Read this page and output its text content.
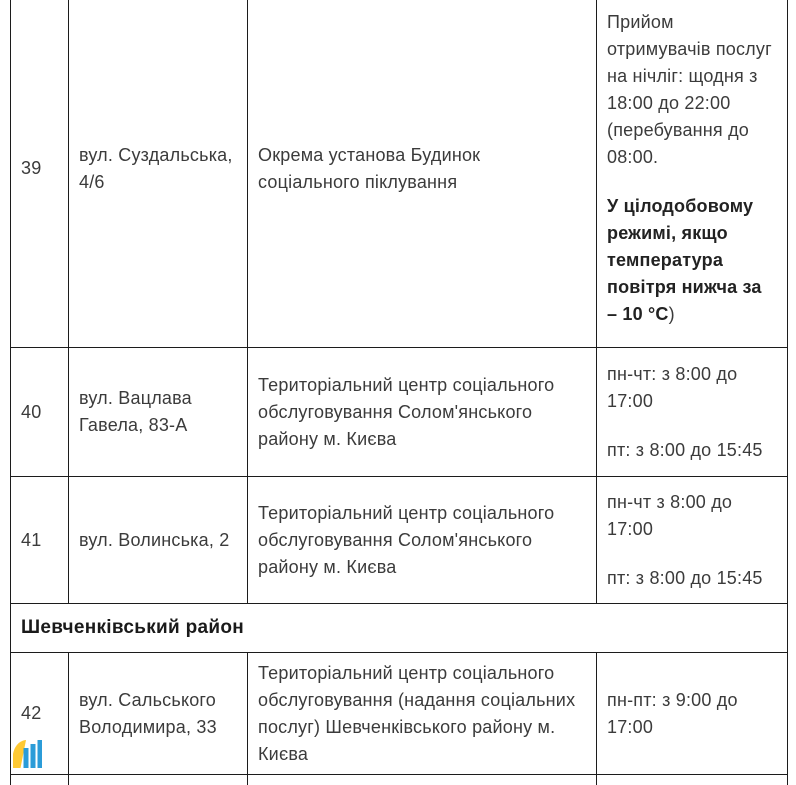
39

вул. Суздальська, 4/6

Окрема установа Будинок соціального піклування

Прийом отримувачів послуг на нічліг: щодня з 18:00 до 22:00 (перебування до 08:00.

У цілодобовому режимі, якщо температура повітря нижча за – 10 °С)

40

вул. Вацлава Гавела, 83-А

Територіальний центр соціального обслуговування Солом'янського району м. Києва

пн-чт: з 8:00 до 17:00

пт: з 8:00 до 15:45

41	вул. Волинська, 2

Територіальний центр соціального обслуговування Солом'янського району м. Києва

пн-чт з 8:00 до 17:00

пт: з 8:00 до 15:45

Шевченківський район

42

вул. Сальського Володимира, 33

Територіальний центр соціального обслуговування (надання соціальних послуг) Шевченківського району м. Києва

пн-пт: з 9:00 до 17:00
